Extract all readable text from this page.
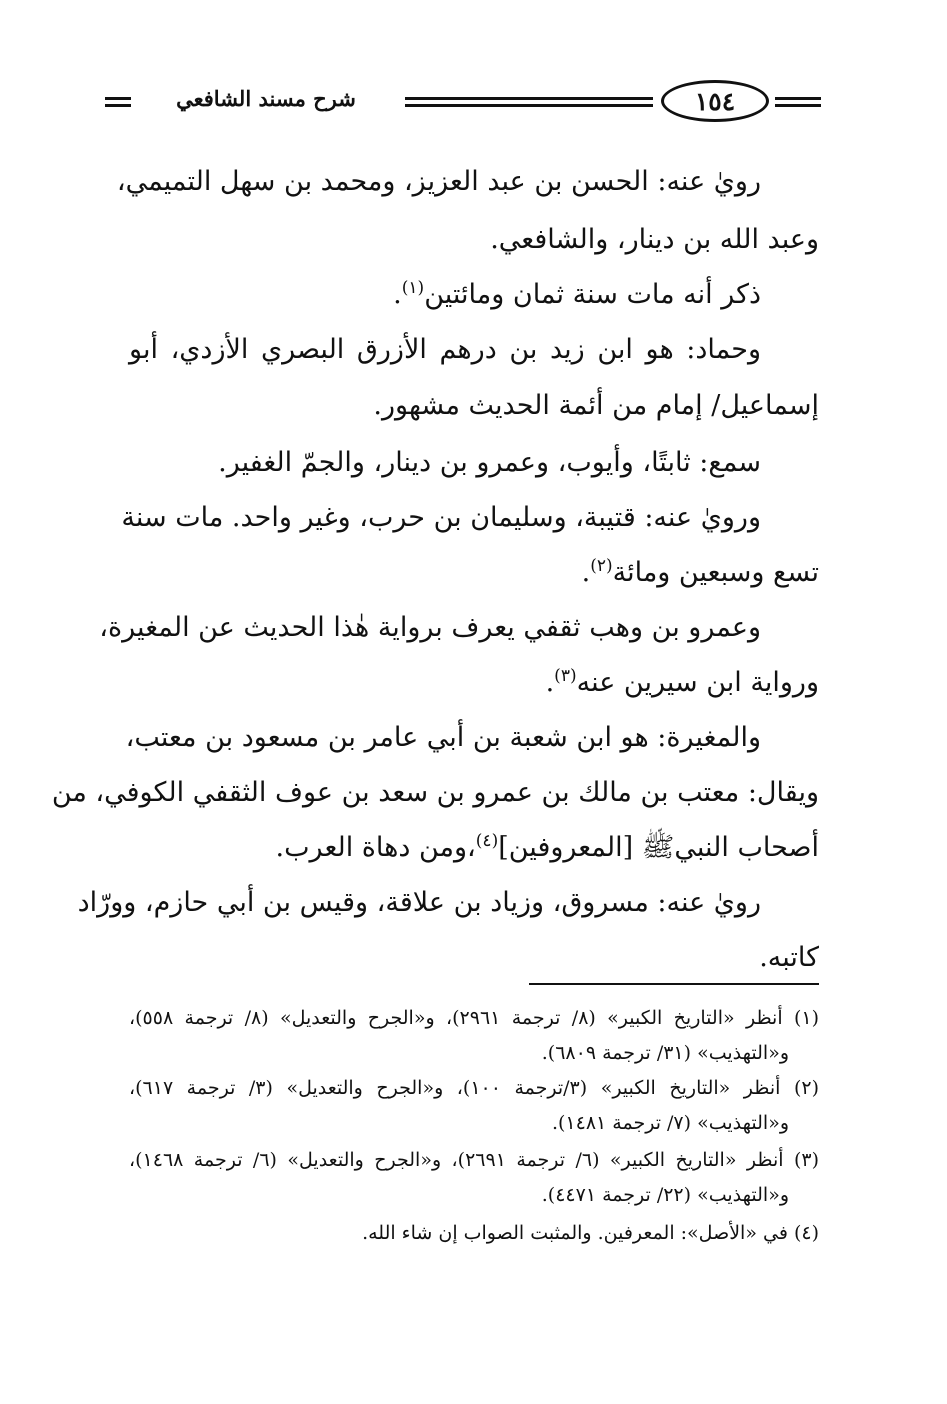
١٥٤
شرح مسند الشافعي
رويٰ عنه: الحسن بن عبد العزيز، ومحمد بن سهل التميمي،
وعبد الله بن دينار، والشافعي.
ذكر أنه مات سنة ثمان ومائتين$^{(١)}$.
وحماد: هو ابن زيد بن درهم الأزرق البصري الأزدي، أبو
إسماعيل/ إمام من أئمة الحديث مشهور.
سمع: ثابتًا، وأيوب، وعمرو بن دينار، والجمّ الغفير.
ورويٰ عنه: قتيبة، وسليمان بن حرب، وغير واحد. مات سنة
تسع وسبعين ومائة$^{(٢)}$.
وعمرو بن وهب ثقفي يعرف برواية هٰذا الحديث عن المغيرة،
ورواية ابن سيرين عنه$^{(٣)}$.
والمغيرة: هو ابن شعبة بن أبي عامر بن مسعود بن معتب،
ويقال: معتب بن مالك بن عمرو بن سعد بن عوف الثقفي الكوفي، من
أصحاب النبيﷺ [المعروفين]$^{(٤)}$،ومن دهاة العرب.
رويٰ عنه: مسروق، وزياد بن علاقة، وقيس بن أبي حازم، وورّاد
كاتبه.
(١) أنظر «التاريخ الكبير» (٨/ ترجمة ٢٩٦١)، و«الجرح والتعديل» (٨/ ترجمة ٥٥٨)،
و«التهذيب» (٣١/ ترجمة ٦٨٠٩).
(٢) أنظر «التاريخ الكبير» (٣/ترجمة ١٠٠)، و«الجرح والتعديل» (٣/ ترجمة ٦١٧)،
و«التهذيب» (٧/ ترجمة ١٤٨١).
(٣) أنظر «التاريخ الكبير» (٦/ ترجمة ٢٦٩١)، و«الجرح والتعديل» (٦/ ترجمة ١٤٦٨)،
و«التهذيب» (٢٢/ ترجمة ٤٤٧١).
(٤) في «الأصل»: المعرفين. والمثبت الصواب إن شاء الله.
